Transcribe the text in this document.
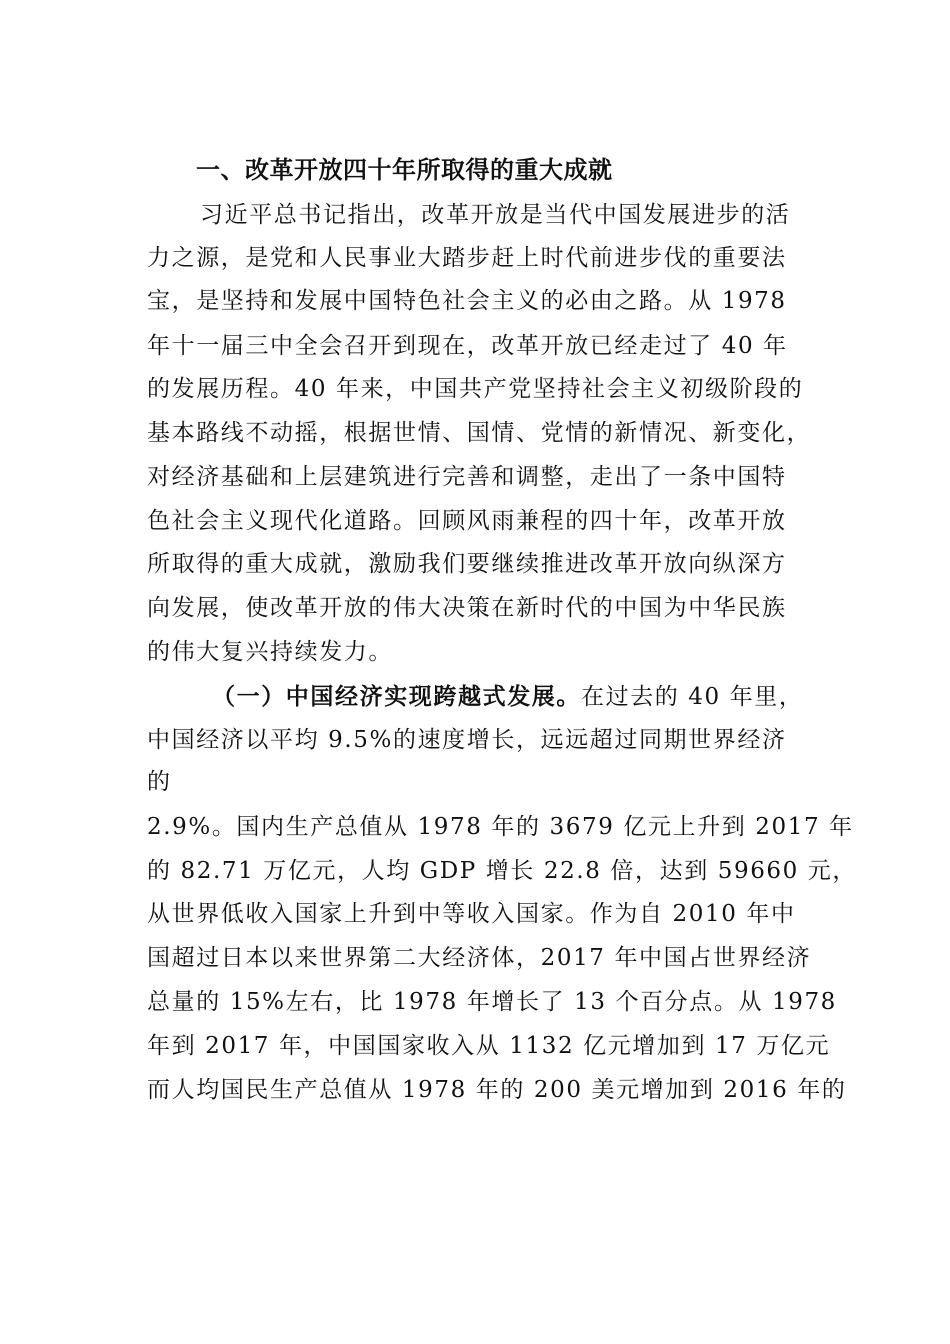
一、改革开放四十年所取得的重大成就
习近平总书记指出，改革开放是当代中国发展进步的活
力之源，是党和人民事业大踏步赶上时代前进步伐的重要法
宝，是坚持和发展中国特色社会主义的必由之路。从 1978
年十一届三中全会召开到现在，改革开放已经走过了 40 年
的发展历程。40 年来，中国共产党坚持社会主义初级阶段的
基本路线不动摇，根据世情、国情、党情的新情况、新变化，
对经济基础和上层建筑进行完善和调整，走出了一条中国特
色社会主义现代化道路。回顾风雨兼程的四十年，改革开放
所取得的重大成就，激励我们要继续推进改革开放向纵深方
向发展，使改革开放的伟大决策在新时代的中国为中华民族
的伟大复兴持续发力。
（一）中国经济实现跨越式发展。在过去的 40 年里，
中国经济以平均 9.5%的速度增长，远远超过同期世界经济
的
2.9%。国内生产总值从 1978 年的 3679 亿元上升到 2017 年
的 82.71 万亿元，人均 GDP 增长 22.8 倍，达到 59660 元，
从世界低收入国家上升到中等收入国家。作为自 2010 年中
国超过日本以来世界第二大经济体，2017 年中国占世界经济
总量的 15%左右，比 1978 年增长了 13 个百分点。从 1978
年到 2017 年，中国国家收入从 1132 亿元增加到 17 万亿元
而人均国民生产总值从 1978 年的 200 美元增加到 2016 年的
